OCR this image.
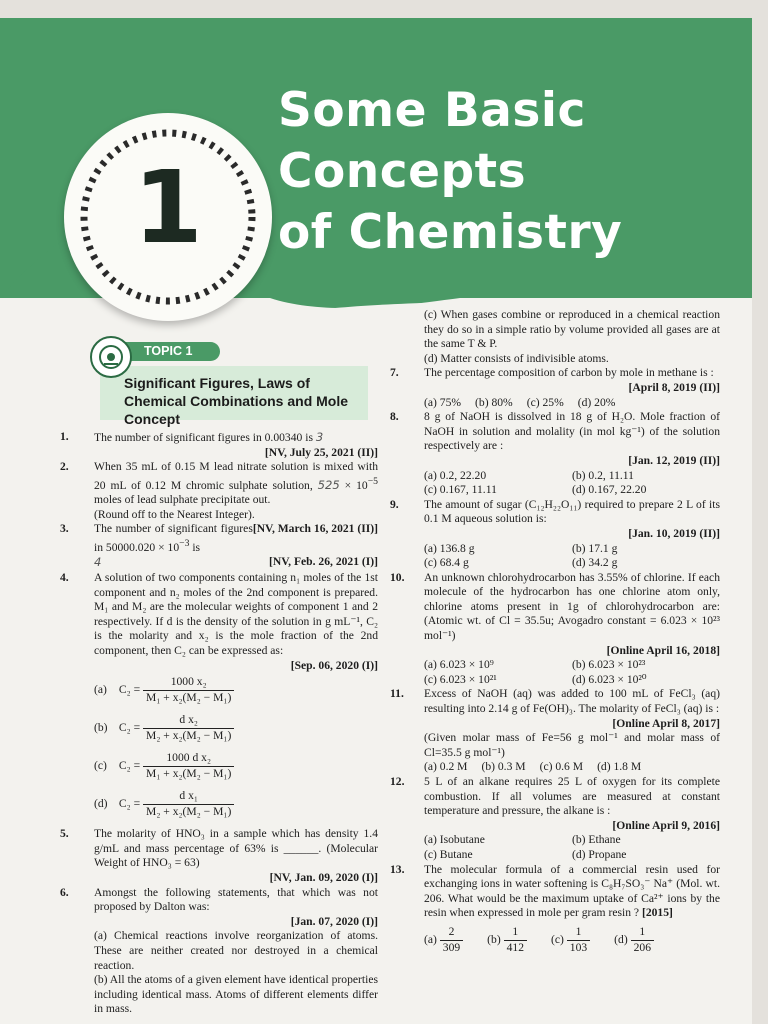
Some Basic
Concepts
of Chemistry
1
TOPIC 1
Significant Figures, Laws of Chemical Combinations and Mole Concept
1. The number of significant figures in 0.00340 is 3
[NV, July 25, 2021 (II)]
2. When 35 mL of 0.15 M lead nitrate solution is mixed with 20 mL of 0.12 M chromic sulphate solution, $525 \times 10^{-5}$ moles of lead sulphate precipitate out.
(Round off to the Nearest Integer).
[NV, March 16, 2021 (II)]
3. The number of significant figures in $50000.020 \times 10^{-3}$ is
4	[NV, Feb. 26, 2021 (I)]
4. A solution of two components containing n₁ moles of the 1st component and n₂ moles of the 2nd component is prepared. M₁ and M₂ are the molecular weights of component 1 and 2 respectively. If d is the density of the solution in g mL⁻¹, C₂ is the molarity and x₂ is the mole fraction of the 2nd component, then C₂ can be expressed as:
[Sep. 06, 2020 (I)]
(a) $C_2 = \frac{\text{1000 x₂}}{\text{M₁ + x₂(M₂ − M₁)}}$
(b) $C_2 = \frac{\text{d x₂}}{\text{M₂ + x₂(M₂ − M₁)}}$
(c) $C_2 = \frac{\text{1000 d x₂}}{\text{M₁ + x₂(M₂ − M₁)}}$
(d) $C_2 = \frac{\text{d x₁}}{\text{M₂ + x₂(M₂ − M₁)}}$
5. The molarity of HNO₃ in a sample which has density 1.4 g/mL and mass percentage of 63% is ______. (Molecular Weight of HNO₃ = 63)
[NV, Jan. 09, 2020 (I)]
6. Amongst the following statements, that which was not proposed by Dalton was:
[Jan. 07, 2020 (I)]
(a) Chemical reactions involve reorganization of atoms. These are neither created nor destroyed in a chemical reaction.
(b) All the atoms of a given element have identical properties including identical mass. Atoms of different elements differ in mass.
(c) When gases combine or reproduced in a chemical reaction they do so in a simple ratio by volume provided all gases are at the same T & P.
(d) Matter consists of indivisible atoms.
7. The percentage composition of carbon by mole in methane is :
[April 8, 2019 (II)]
(a) 75% (b) 80% (c) 25% (d) 20%
8. 8 g of NaOH is dissolved in 18 g of H₂O. Mole fraction of NaOH in solution and molality (in mol kg⁻¹) of the solution respectively are :
[Jan. 12, 2019 (II)]
(a) 0.2, 22.20	(b) 0.2, 11.11
(c) 0.167, 11.11	(d) 0.167, 22.20
9. The amount of sugar (C₁₂H₂₂O₁₁) required to prepare 2 L of its 0.1 M aqueous solution is:
[Jan. 10, 2019 (II)]
(a) 136.8 g	(b) 17.1 g
(c) 68.4 g	(d) 34.2 g
10. An unknown chlorohydrocarbon has 3.55% of chlorine. If each molecule of the hydrocarbon has one chlorine atom only, chlorine atoms present in 1g of chlorohydrocarbon are: (Atomic wt. of Cl = 35.5u; Avogadro constant = 6.023 × 10²³ mol⁻¹)
[Online April 16, 2018]
(a) 6.023 × 10⁹	(b) 6.023 × 10²³
(c) 6.023 × 10²¹	(d) 6.023 × 10²⁰
11. Excess of NaOH (aq) was added to 100 mL of FeCl₃ (aq) resulting into 2.14 g of Fe(OH)₃. The molarity of FeCl₃ (aq) is :
[Online April 8, 2017]
(Given molar mass of Fe=56 g mol⁻¹ and molar mass of Cl=35.5 g mol⁻¹)
(a) 0.2 M (b) 0.3 M (c) 0.6 M (d) 1.8 M
12. 5 L of an alkane requires 25 L of oxygen for its complete combustion. If all volumes are measured at constant temperature and pressure, the alkane is :
[Online April 9, 2016]
(a) Isobutane	(b) Ethane
(c) Butane	(d) Propane
13. The molecular formula of a commercial resin used for exchanging ions in water softening is C₈H₇SO₃⁻ Na⁺ (Mol. wt. 206. What would be the maximum uptake of Ca²⁺ ions by the resin when expressed in mole per gram resin ? [2015]
$(a) \frac{2}{309} (b) \frac{1}{412} (c) \frac{1}{103} (d) \frac{1}{206}$
